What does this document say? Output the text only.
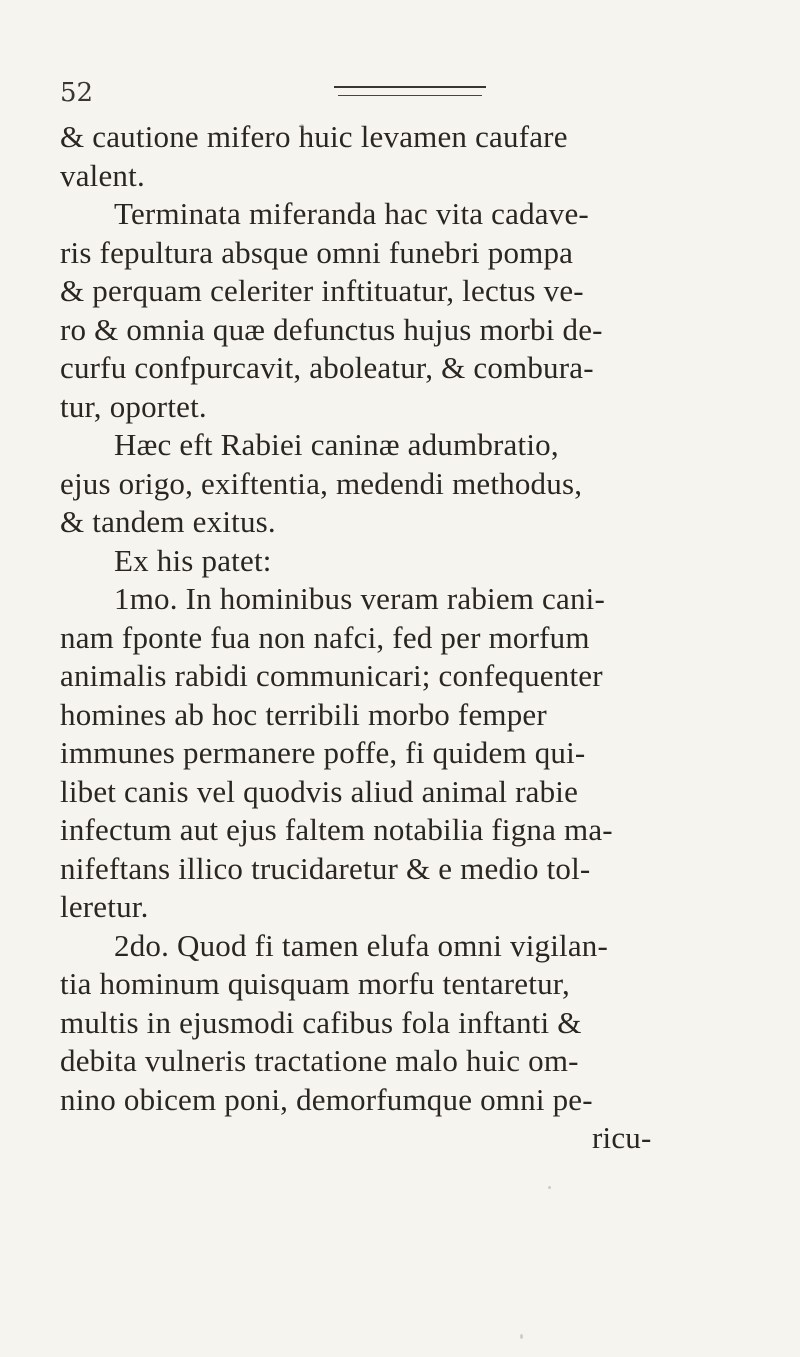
52
& cautione mifero huic levamen caufare
valent.
Terminata miferanda hac vita cadave-
ris fepultura absque omni funebri pompa
& perquam celeriter inftituatur, lectus ve-
ro & omnia quæ defunctus hujus morbi de-
curfu confpurcavit, aboleatur, & combura-
tur, oportet.
Hæc eft Rabiei caninæ adumbratio,
ejus origo, exiftentia, medendi methodus,
& tandem exitus.
Ex his patet:
1mo. In hominibus veram rabiem cani-
nam fponte fua non nafci, fed per morfum
animalis rabidi communicari; confequenter
homines ab hoc terribili morbo femper
immunes permanere poffe, fi quidem qui-
libet canis vel quodvis aliud animal rabie
infectum aut ejus faltem notabilia figna ma-
nifeftans illico trucidaretur & e medio tol-
leretur.
2do. Quod fi tamen elufa omni vigilan-
tia hominum quisquam morfu tentaretur,
multis in ejusmodi cafibus fola inftanti &
debita vulneris tractatione malo huic om-
nino obicem poni, demorfumque omni pe-
ricu-
